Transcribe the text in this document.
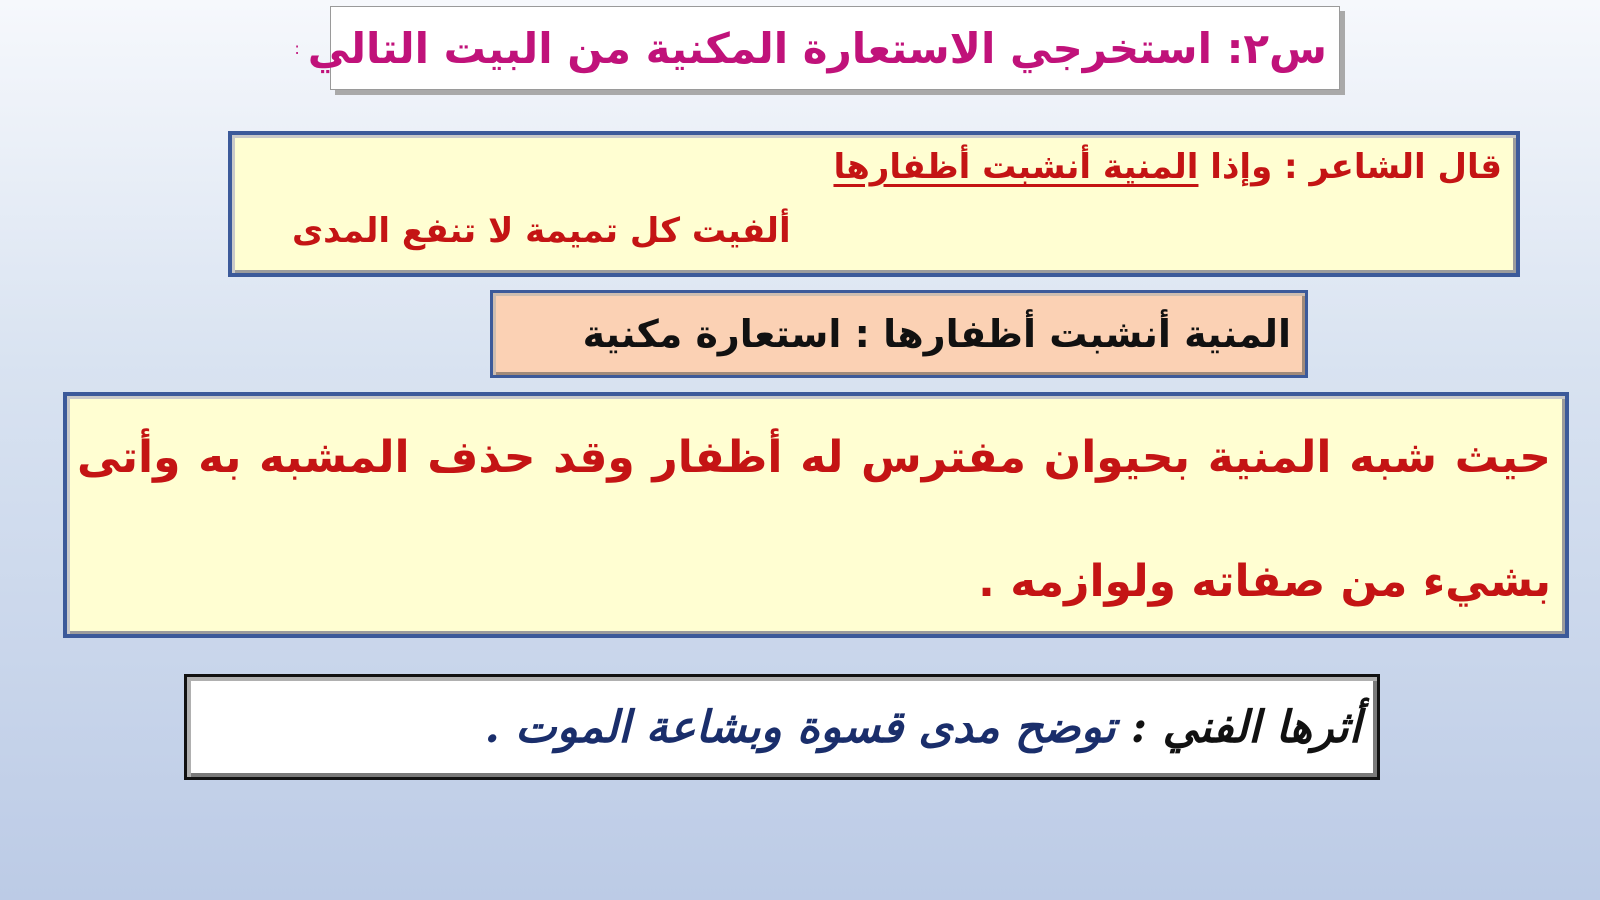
س٢: استخرجي الاستعارة المكنية من البيت التالي
:
قال الشاعر : وإذا المنية أنشبت أظفارها
ألفيت كل تميمة لا تنفع المدى
المنية أنشبت أظفارها : استعارة مكنية
حيث شبه المنية بحيوان مفترس له أظفار وقد حذف المشبه به وأتى
بشيء من صفاته ولوازمه .
أثرها الفني : توضح مدى قسوة وبشاعة الموت .
